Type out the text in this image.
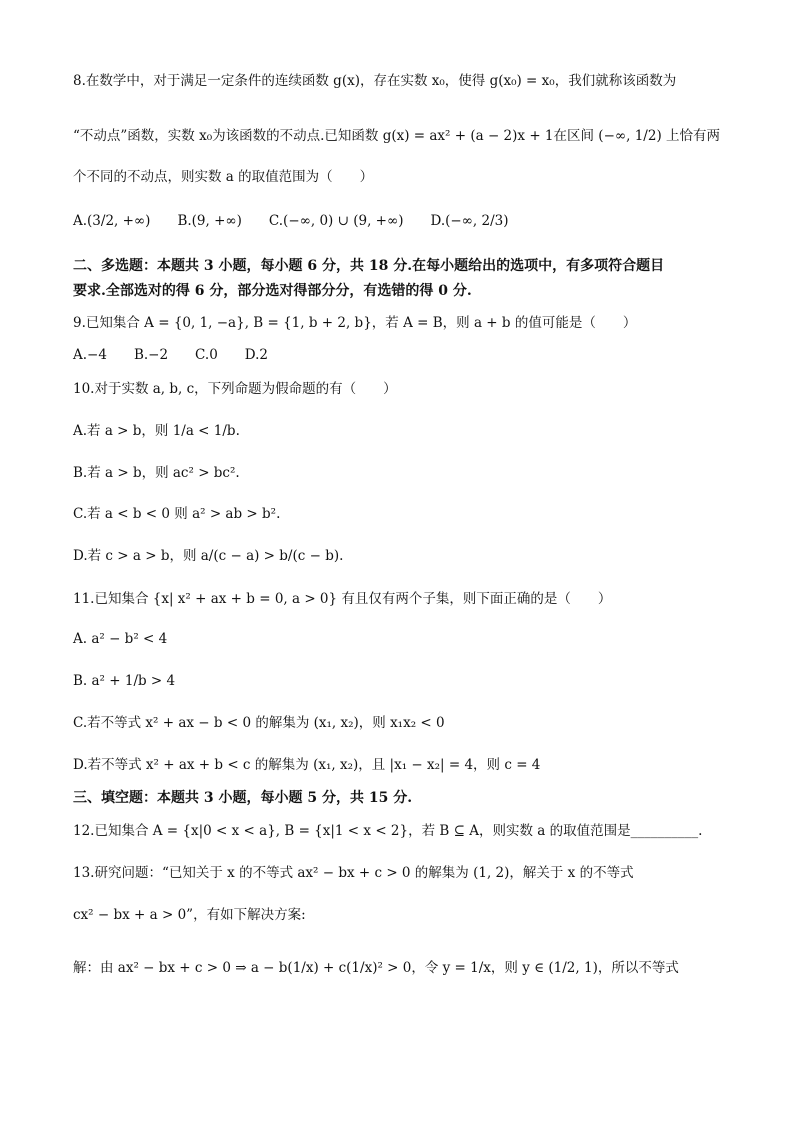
8.在数学中，对于满足一定条件的连续函数 g(x)，存在实数 x₀，使得 g(x₀) = x₀，我们就称该函数为
“不动点”函数，实数 x₀为该函数的不动点.已知函数 g(x) = ax² + (a − 2)x + 1在区间 (−∞, 1/2) 上恰有两
个不同的不动点，则实数 a 的取值范围为（　　）
A.(3/2, +∞)　　B.(9, +∞)　　C.(−∞, 0) ∪ (9, +∞)　　D.(−∞, 2/3)
二、多选题：本题共 3 小题，每小题 6 分，共 18 分.在每小题给出的选项中，有多项符合题目
要求.全部选对的得 6 分，部分选对得部分分，有选错的得 0 分.
9.已知集合 A = {0, 1, −a}, B = {1, b + 2, b}，若 A = B，则 a + b 的值可能是（　　）
A.−4　　B.−2　　C.0　　D.2
10.对于实数 a, b, c，下列命题为假命题的有（　　）
A.若 a > b，则 1/a < 1/b.
B.若 a > b，则 ac² > bc².
C.若 a < b < 0 则 a² > ab > b².
D.若 c > a > b，则 a/(c − a) > b/(c − b).
11.已知集合 {x| x² + ax + b = 0, a > 0} 有且仅有两个子集，则下面正确的是（　　）
A. a² − b² < 4
B. a² + 1/b > 4
C.若不等式 x² + ax − b < 0 的解集为 (x₁, x₂)，则 x₁x₂ < 0
D.若不等式 x² + ax + b < c 的解集为 (x₁, x₂)，且 |x₁ − x₂| = 4，则 c = 4
三、填空题：本题共 3 小题，每小题 5 分，共 15 分.
12.已知集合 A = {x|0 < x < a}, B = {x|1 < x < 2}，若 B ⊆ A，则实数 a 的取值范围是__________.
13.研究问题：“已知关于 x 的不等式 ax² − bx + c > 0 的解集为 (1, 2)，解关于 x 的不等式
cx² − bx + a > 0”，有如下解决方案:
解：由 ax² − bx + c > 0 ⇒ a − b(1/x) + c(1/x)² > 0，令 y = 1/x，则 y ∈ (1/2, 1)，所以不等式
